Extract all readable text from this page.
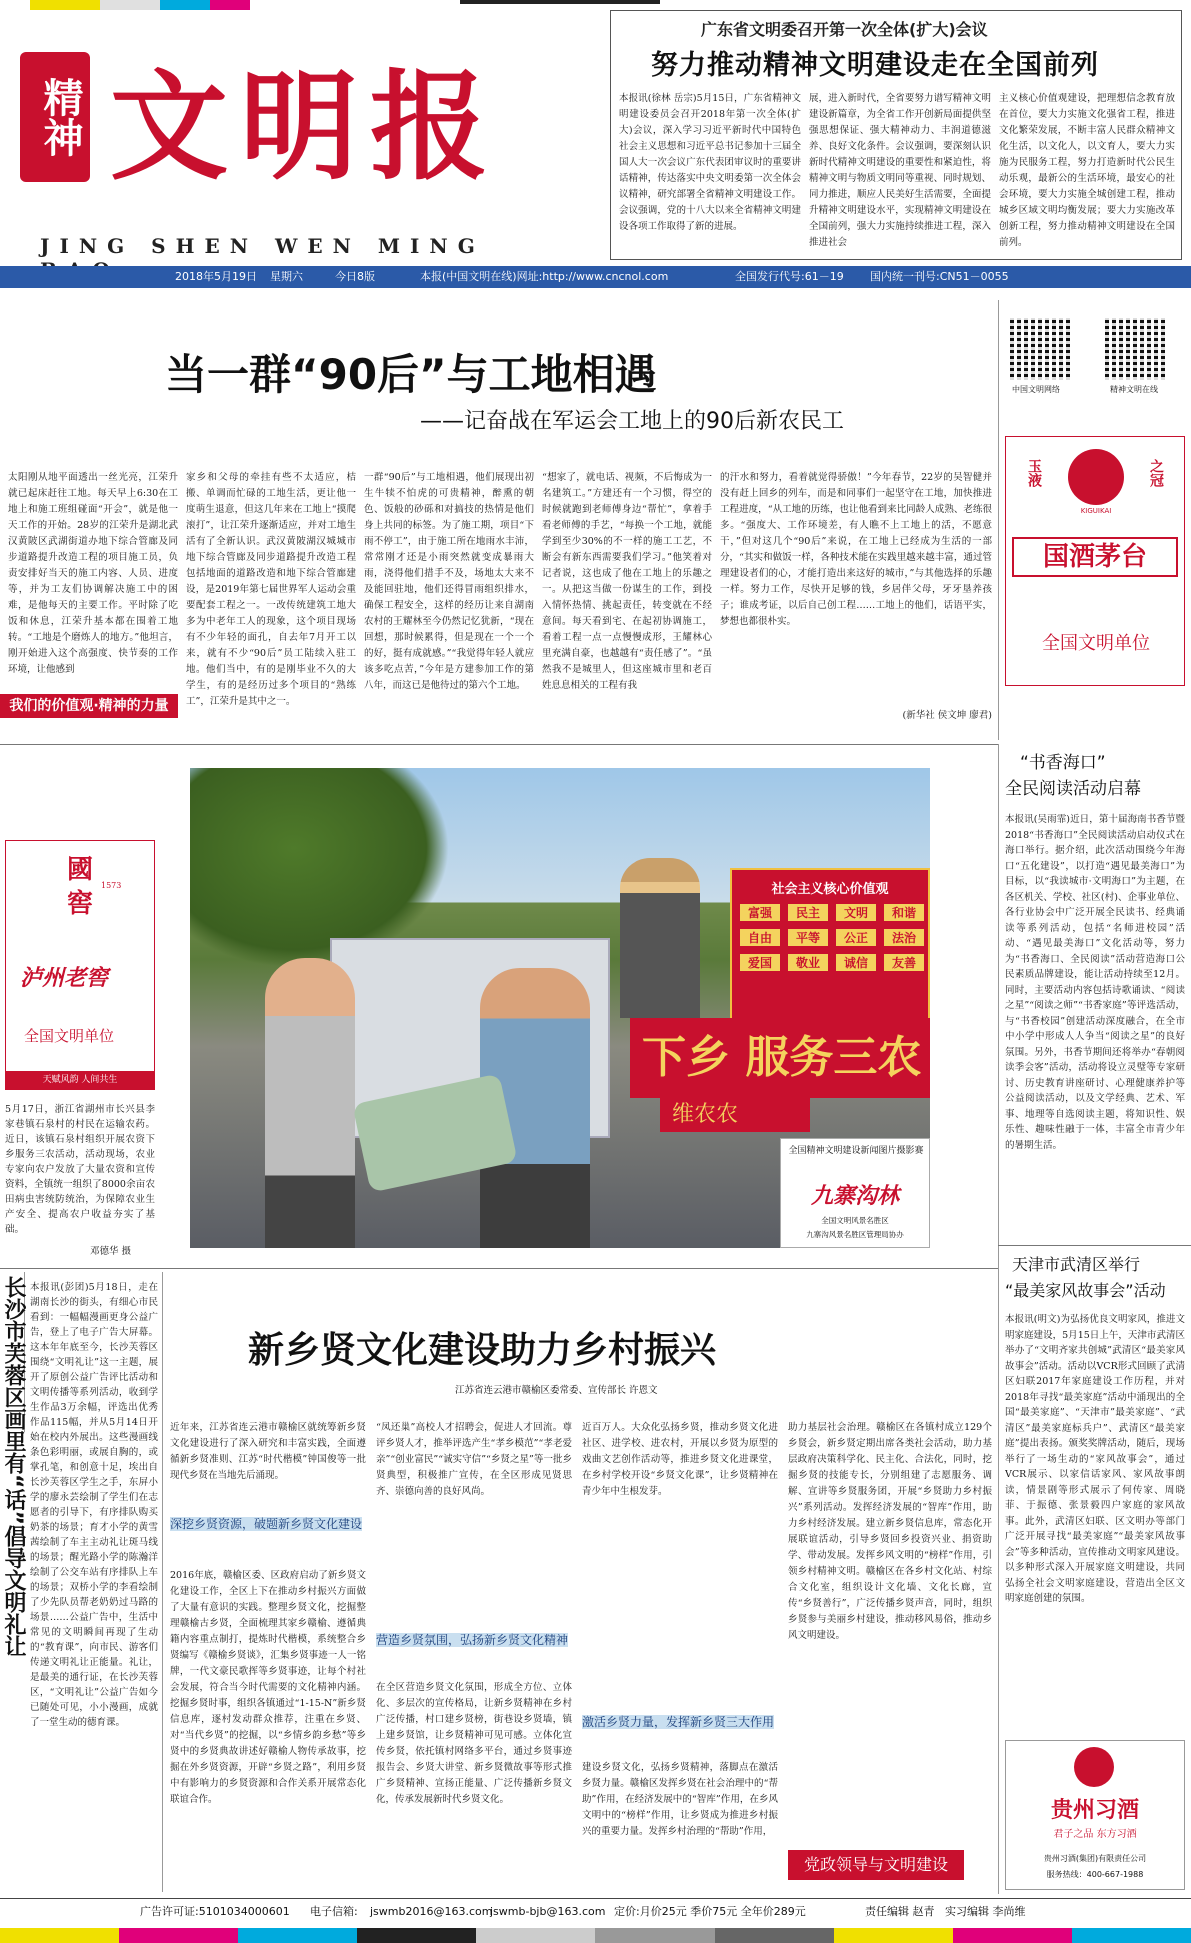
精神 文明报
JING SHEN WEN MING
广东省文明委召开第一次全体(扩大)会议
努力推动精神文明建设走在全国前列
本报讯(徐林 岳宗)5月15日，广东省精神文明建设委员会召开2018年第一次全体(扩大)会议，深入学习习近平新时代中国特色社会主义思想和习近平总书记参加十三届全国人大一次会议广东代表团审议时的重要讲话精神，传达落实中央文明委第一次全体会议精神，研究部署全省精神文明建设工作。会议强调，党的十八大以来全省精神文明建设各项工作取得了新的进展。
展，进入新时代，全省要努力谱写精神文明建设新篇章，为全省工作开创新局面提供坚强思想保证、强大精神动力、丰润道德滋养、良好文化条件。会议强调，要深刻认识新时代精神文明建设的重要性和紧迫性，将精神文明与物质文明同等重视、同时规划、同力推进，顺应人民美好生活需要，全面提升精神文明建设水平，实现精神文明建设在全国前列，强大力实施持续推进工程，深入推进社会
主义核心价值观建设，把理想信念教育放在首位，要大力实施文化强省工程，推进文化繁荣发展，不断丰富人民群众精神文化生活，以文化人，以文育人，要大力实施为民服务工程，努力打造新时代公民生动乐观，最新公的生活环境，最安心的社会环境，要大力实施全城创建工程，推动城乡区域文明均衡发展；要大力实施改革创新工程，努力推动精神文明建设在全国前列。
2018年5月19日 星期六	今日8版	本报(中国文明在线)网址:http://www.cncnol.com	全国发行代号:61－19 国内统一刊号:CN51－0055
中国文明网络	精神文明在线
当一群“90后”与工地相遇
——记奋战在军运会工地上的90后新农民工
太阳刚从地平面透出一丝光亮，江荣升就已起床赶往工地。每天早上6:30在工地上和施工班组碰面“开会”，就是他一天工作的开始。28岁的江荣升是湖北武汉黄陂区武湖街道办地下综合管廊及同步道路提升改造工程的项目施工员，负责安排好当天的施工内容、人员、进度等，并为工友们协调解决施工中的困难，是他每天的主要工作。平时除了吃饭和休息，江荣升基本都在围着工地转。“工地是个磨炼人的地方。”他坦言，刚开始进入这个高强度、快节奏的工作环境，让他感到
我们的价值观·精神的力量
家乡和父母的牵挂有些不太适应，桔搬、单调而忙碌的工地生活，更让他一度萌生退意，但这几年来在工地上“摸爬滚打”，让江荣升逐渐适应，并对工地生活有了全新认识。武汉黄陂湖汉城城市地下综合管廊及同步道路提升改造工程包括地面的道路改造和地下综合管廊建设，是2019年第七届世界军人运动会重要配套工程之一。一改传统建筑工地大多为中老年工人的现象，这个项目现场有不少年轻的面孔，自去年7月开工以来，就有不少“90后”员工陆续入驻工地。他们当中，有的是刚毕业不久的大学生，有的是经历过多个项目的“熟练工”，江荣升是其中之一。
一群“90后”与工地相遇，他们展现出初生牛犊不怕虎的可贵精神，醉熏的朝色、饭般的砂砾和对搞技的热情是他们身上共同的标签。为了施工期，项目“下雨不停工”，由于施工所在地雨水丰沛，常常刚才还是小雨突然就变成暴雨大雨，浇得他们措手不及，场地太大来不及能回驻地，他们还得冒雨组织排水，确保工程安全，这样的经历让来自湖南农村的王耀林至今仍然记忆犹新，“现在回想，那时候累得，但是现在一个一个的好，挺有成就感。”“我觉得年轻人就应该多吃点苦，”今年是方建参加工作的第八年，而这已是他待过的第六个工地。
“想家了，就电话、视频，不后悔成为一名建筑工。”方建还有一个习惯，得空的时候就跑到老师傅身边“帮忙”，拿着手看老师傅的手艺，“每换一个工地，就能学到至少30%的不一样的施工工艺，不断会有新东西需要我们学习。”他笑着对记者说，这也成了他在工地上的乐趣之一。从把这当做一份谋生的工作，到投入情怀热情、挑起责任，转变就在不经意间。每天看到宅、在起初协调施工，看着工程一点一点慢慢成形，王耀林心里充满自豪，也越越有“责任感了”。“虽然我不是城里人，但这座城市里和老百姓息息相关的工程有我
的汗水和努力，看着就觉得骄傲！”今年春节，22岁的吴智健并没有赶上回乡的列车，而是和同事们一起坚守在工地，加快推进工程进度，“从工地的历练，也让他看到来比同龄人成熟、老练很多。“强度大、工作环境差，有人瞧不上工地上的活，不愿意干，”但对这几个“90后”来说，在工地上已经成为生活的一部分，“其实和做饭一样，各种技术能在实践里越来越丰富，通过管理建设者们的心，才能打造出来这好的城市，”与其他选择的乐趣一样。努力工作，尽快开足够的钱，乡居伴父母，牙牙垦养孩子；谁成考证，以后自己创工程……工地上的他们，话语平实，梦想也都很朴实。
(新华社 侯文坤 廖君)
玉液	之冠
KIGUIKAI
国酒茅台
全国文明单位
國窖
1573
泸州老窖
全国文明单位
天赋风韵 人间共生
5月17日，浙江省湖州市长兴县李家巷镇石泉村的村民在运输农药。近日，该镇石泉村组织开展农资下乡服务三农活动，活动现场，农业专家向农户发放了大量农资和宣传资料，全镇统一组织了8000余亩农田病虫害统防统治，为保障农业生产安全、提高农户收益夯实了基础。
邓德华 摄
社会主义核心价值观
富强	民主	文明	和谐
自由	平等	公正	法治
爱国	敬业	诚信	友善
下乡 服务三农
维农农
全国精神文明建设新闻图片摄影赛
九寨沟林
全国文明风景名胜区
九寨沟风景名胜区管理局协办
“书香海口”
全民阅读活动启幕
本报讯(吴雨霏)近日，第十届海南书香节暨2018“书香海口”全民阅读活动启动仪式在海口举行。据介绍，此次活动围绕今年海口“五化建设”，以打造“遇见最美海口”为目标，以“我读城市·文明海口”为主题，在各区机关、学校、社区(村)、企事业单位、各行业协会中广泛开展全民读书、经典诵读等系列活动，包括“名师进校园”活动、“遇见最美海口”文化活动等，努力为“书香海口、全民阅读”活动营造海口公民素质品牌建设，能让活动持续至12月。同时，主要活动内容包括诗歌诵读、“阅读之星”“阅读之师”“书香家庭”等评选活动，与“书香校园”创建活动深度融合，在全市中小学中形成人人争当“阅读之星”的良好氛围。另外，书香节期间还将举办“春朝阅读季会客”活动，活动将设立灵璧等专家研讨、历史教育讲座研讨、心理健康养护等公益阅读活动，以及文学经典、艺术、军事、地理等自选阅读主题，将知识性、娱乐性、趣味性融于一体，丰富全市青少年的暑期生活。
天津市武清区举行
“最美家风故事会”活动
本报讯(明文)为弘扬优良文明家风，推进文明家庭建设，5月15日上午，天津市武清区举办了“文明齐家共创城”武清区“最美家风故事会”活动。活动以VCR形式回顾了武清区妇联2017年家庭建设工作历程，并对2018年寻找“最美家庭”活动中涌现出的全国“最美家庭”、“天津市”最美家庭”、“武清区”最美家庭标兵户”、武清区“最美家庭”提出表扬。颁奖奖牌活动，随后，现场举行了一场生动的“家风故事会”，通过VCR展示、以家信话家风、家风故事朗读，情景剧等形式展示了何传家、周晓菲、于振德、张景毅四户家庭的家风故事。此外，武清区妇联、区文明办等部门广泛开展寻找“最美家庭”“最美家风故事会”等多种活动，宣传推动文明家风建设。以多种形式深入开展家庭文明建设，共同弘扬全社会文明家庭建设，营造出全区文明家庭创建的氛围。
贵州习酒
君子之品 东方习酒
贵州习酒(集团)有限责任公司
服务热线：400-667-1988
长沙市芙蓉区画里有“话”倡导文明礼让 本报讯(彭团)5月18日，走在湖南长沙的街头，有细心市民看到：一幅幅漫画更身公益广告，登上了电子广告大屏幕。这本年年底至今，长沙芙蓉区围绕“文明礼让”这一主题，展开了原创公益广告评比活动和文明传播等系列活动，收到学生作品3万余幅，评选出优秀作品115幅，并从5月14日开始在校内外展出。这些漫画线条色彩明丽，或展自胸的，或掌孔笔，和创意十足，埃出自长沙芙蓉区学生之手，东屏小学的廖永芸绘制了学生们在志愿者的引导下，有序排队购买奶茶的场景；育才小学的黄雪茜绘制了车主主动礼让斑马线的场景；醒光路小学的陈瀚洋绘制了公交车站有序排队上车的场景；双桥小学的李看绘制了少先队员帮老奶奶过马路的场景……公益广告中，生活中常见的文明瞬间再现了生动的“教育课”，向市民、游客们传递文明礼让正能量。礼让，是最美的通行证，在长沙芙蓉区，“文明礼让”公益广告如今已随处可见，小小漫画，成就了一堂生动的德育课。
新乡贤文化建设助力乡村振兴
江苏省连云港市赣榆区委常委、宣传部长 许恩文
近年来，江苏省连云港市赣榆区就统筹新乡贤文化建设进行了深入研究和丰富实践，全面遵循新乡贤准则、江苏“时代楷模”钟国俊等一批现代乡贤在当地先后涌现。
深挖乡贤资源，破题新乡贤文化建设
2016年底，赣榆区委、区政府启动了新乡贤文化建设工作，全区上下在推动乡村振兴方面做了大量有意识的实践。整理乡贤文化，挖掘整理赣榆古乡贤，全面梳理其家乡赣榆、遵循典籍内容重点制打，提炼时代楷模，系统整合乡贤编写《赣榆乡贤谈》，汇集乡贤事迹一人一铭牌，一代文豪民歌挥等乡贤事迹，让每个村社会发展，符合当今时代需要的文化精神内涵。挖掘乡贤时事，组织各镇通过“1-15-N”新乡贤信息库，逐村发动群众推荐，注重在乡贤、对“当代乡贤”的挖掘，以“乡情乡韵乡愁”等乡贤中的乡贤典故讲述好赣榆人物传承故事，挖掘在外乡贤资源，开辟“乡贤之路”，利用乡贤中有影响力的乡贤资源和合作关系开展常态化联谊合作。
“凤还巢”高校人才招聘会，促进人才回流。尊评乡贤人才，推举评选产生“孝乡模范”“孝老爱亲”“创业富民”“诚实守信”“乡贤之星”等一批乡贤典型，积极推广宣传，在全区形成见贤思齐、崇德向善的良好风尚。
营造乡贤氛围，弘扬新乡贤文化精神
在全区营造乡贤文化氛围，形成全方位、立体化、多层次的宣传格局，让新乡贤精神在乡村广泛传播，村口建乡贤榜，街巷设乡贤墙，镇上建乡贤馆，让乡贤精神可见可感。立体化宣传乡贤，依托镇村网络多平台，通过乡贤事迹报告会、乡贤大讲堂、新乡贤微故事等形式推广乡贤精神、宣扬正能量、广泛传播新乡贤文化，传承发展新时代乡贤文化。
近百万人。大众化弘扬乡贤，推动乡贤文化进社区、进学校、进农村，开展以乡贤为原型的戏曲文艺创作活动等，推进乡贤文化进课堂，在乡村学校开设“乡贤文化课”，让乡贤精神在青少年中生根发芽。
激活乡贤力量，发挥新乡贤三大作用
建设乡贤文化，弘扬乡贤精神，落脚点在激活乡贤力量。赣榆区发挥乡贤在社会治理中的“帮助”作用，在经济发展中的“智库”作用，在乡风文明中的“榜样”作用，让乡贤成为推进乡村振兴的重要力量。发挥乡村治理的“帮助”作用，
助力基层社会治理。赣榆区在各镇村成立129个乡贤会，新乡贤定期出席各类社会活动，助力基层政府决策科学化、民主化、合法化，同时，挖掘乡贤的技能专长，分别组建了志愿服务、调解、宣讲等乡贤服务团，开展“乡贤助力乡村振兴”系列活动。发挥经济发展的“智库”作用，助力乡村经济发展。建立新乡贤信息库，常态化开展联谊活动，引导乡贤回乡投资兴业、捐资助学、带动发展。发挥乡风文明的“榜样”作用，引领乡村精神文明。赣榆区在各乡村文化站、村综合文化室，组织设计文化墙、文化长廊，宣传“乡贤善行”，广泛传播乡贤声音，同时，组织乡贤参与美丽乡村建设，推动移风易俗，推动乡风文明建设。
党政领导与文明建设
广告许可证:5101034000601 电子信箱: jswmb2016@163.com
jswmb-bjb@163.com 定价:月价25元 季价75元 全年价289元	责任编辑 赵青 实习编辑 李尚维
